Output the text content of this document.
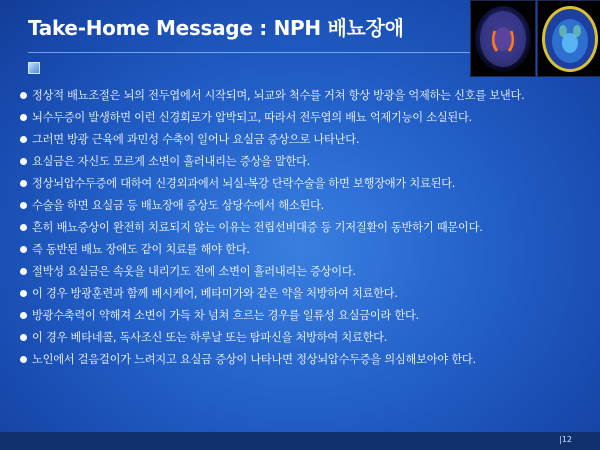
Take-Home Message : NPH 배뇨장애
정상적 배뇨조절은 뇌의 전두엽에서 시작되며, 뇌교와 척수를 거쳐 항상 방광을 억제하는 신호를 보낸다.
뇌수두증이 발생하면 이런 신경회로가 압박되고, 따라서 전두엽의 배뇨 억제기능이 소실된다.
그러면 방광 근육에 과민성 수축이 일어나 요실금 증상으로 나타난다.
요실금은 자신도 모르게 소변이 흘러내리는 증상을 말한다.
정상뇌압수두증에 대하여 신경외과에서 뇌실-복강 단락수술을 하면 보행장애가 치료된다.
수술을 하면 요실금 등 배뇨장애 증상도 상당수에서 해소된다.
흔히 배뇨증상이 완전히 치료되지 않는 이유는 전립선비대증 등 기저질환이 동반하기 때문이다.
즉 동반된 배뇨 장애도 같이 치료를 해야 한다.
절박성 요실금은 속옷을 내리기도 전에 소변이 흘러내리는 증상이다.
이 경우 방광훈련과 함께 베시케어, 베타미가와 같은 약을 처방하여 치료한다.
방광수축력이 약해져 소변이 가득 차 넘쳐 흐르는 경우를 일류성 요실금이라 한다.
이 경우 베타네콜, 독사조신 또는 하루날 또는 탐파신을 처방하여 치료한다.
노인에서 걸음걸이가 느려지고 요실금 증상이 나타나면 정상뇌압수두증을 의심해보아야 한다.
|12
